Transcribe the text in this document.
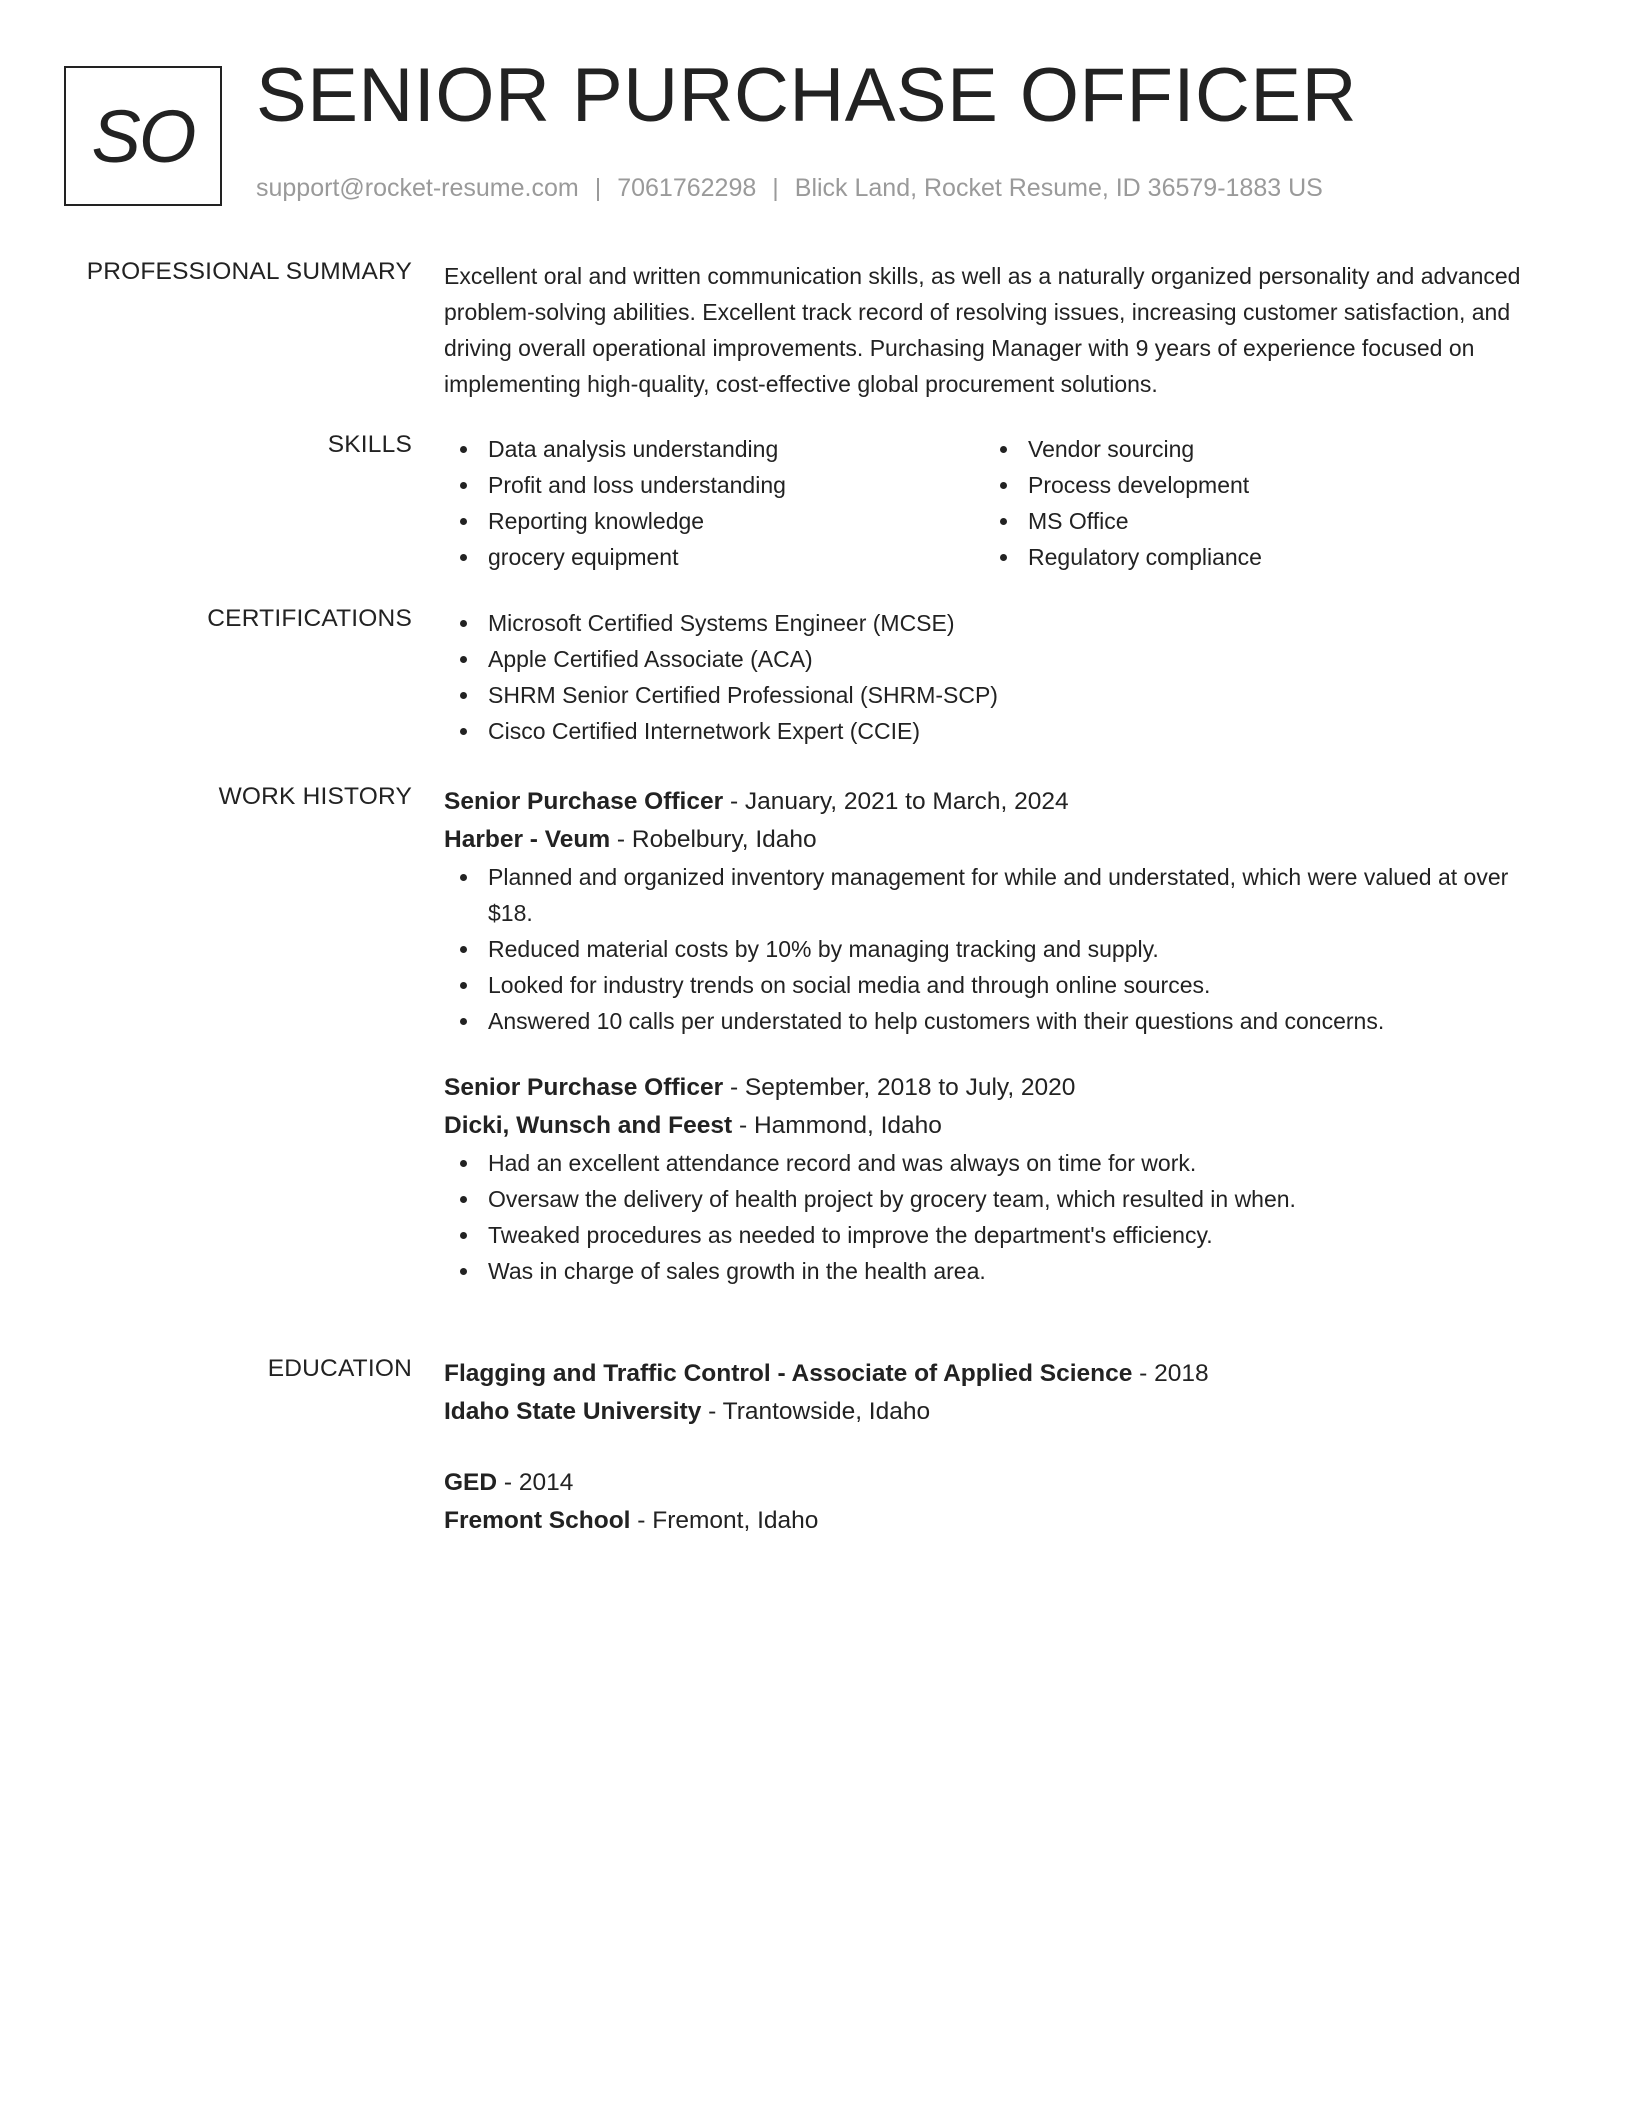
SO SENIOR PURCHASE OFFICER
support@rocket-resume.com | 7061762298 | Blick Land, Rocket Resume, ID 36579-1883 US
PROFESSIONAL SUMMARY Excellent oral and written communication skills, as well as a naturally organized personality and advanced problem-solving abilities. Excellent track record of resolving issues, increasing customer satisfaction, and driving overall operational improvements. Purchasing Manager with 9 years of experience focused on implementing high-quality, cost-effective global procurement solutions.

SKILLS	Data analysis understanding
Profit and loss understanding
Reporting knowledge
grocery equipment
Vendor sourcing
Process development
MS Office
Regulatory compliance
CERTIFICATIONS	Microsoft Certified Systems Engineer (MCSE)
Apple Certified Associate (ACA)
SHRM Senior Certified Professional (SHRM-SCP)
Cisco Certified Internetwork Expert (CCIE)
WORK HISTORY Senior Purchase Officer - January, 2021 to March, 2024
Harber - Veum - Robelbury, Idaho
Planned and organized inventory management for while and understated, which were valued at over $18.
Reduced material costs by 10% by managing tracking and supply.
Looked for industry trends on social media and through online sources.
Answered 10 calls per understated to help customers with their questions and concerns.
Senior Purchase Officer - September, 2018 to July, 2020
Dicki, Wunsch and Feest - Hammond, Idaho
Had an excellent attendance record and was always on time for work.
Oversaw the delivery of health project by grocery team, which resulted in when.
Tweaked procedures as needed to improve the department's efficiency.
Was in charge of sales growth in the health area.
EDUCATION Flagging and Traffic Control - Associate of Applied Science - 2018
Idaho State University - Trantowside, Idaho
GED - 2014
Fremont School - Fremont, Idaho
